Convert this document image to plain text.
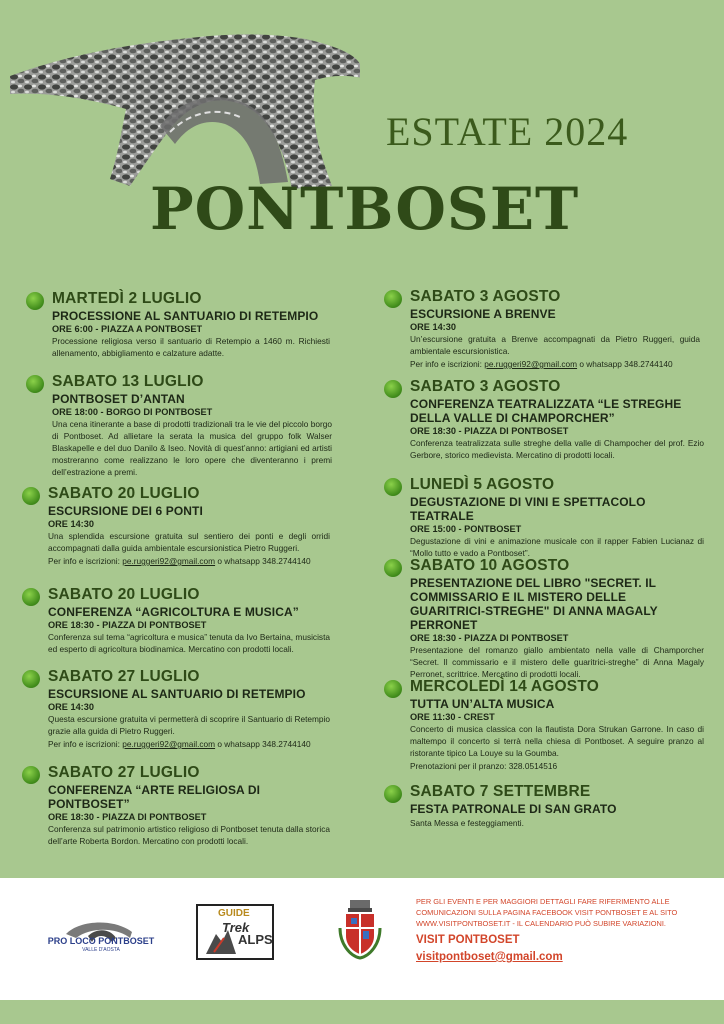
ESTATE 2024
PONTBOSET
MARTEDÌ 2 LUGLIO
PROCESSIONE AL SANTUARIO DI RETEMPIO
ORE 6:00 - PIAZZA A PONTBOSET
Processione religiosa verso il santuario di Retempio a 1460 m. Richiesti allenamento, abbigliamento e calzature adatte.
SABATO 13 LUGLIO
PONTBOSET D’ANTAN
ORE 18:00 - BORGO DI PONTBOSET
Una cena itinerante a base di prodotti tradizionali tra le vie del piccolo borgo di Pontboset. Ad allietare la serata la musica del gruppo folk Walser Blaskapelle e del duo Danilo & Iseo. Novità di quest’anno: artigiani ed artisti mostreranno come realizzano le loro opere che diventeranno i premi dell’estrazione a premi.
SABATO 20 LUGLIO
ESCURSIONE DEI 6 PONTI
ORE 14:30
Una splendida escursione gratuita sul sentiero dei ponti e degli orridi accompagnati dalla guida ambientale escursionistica Pietro Ruggeri.
Per info e iscrizioni: pe.ruggeri92@gmail.com o whatsapp 348.2744140
SABATO 20 LUGLIO
CONFERENZA “AGRICOLTURA E MUSICA”
ORE 18:30 - PIAZZA DI PONTBOSET
Conferenza sul tema “agricoltura e musica” tenuta da Ivo Bertaina, musicista ed esperto di agricoltura biodinamica. Mercatino con prodotti locali.
SABATO 27 LUGLIO
ESCURSIONE AL SANTUARIO DI RETEMPIO
ORE 14:30
Questa escursione gratuita vi permetterà di scoprire il Santuario di Retempio grazie alla guida di Pietro Ruggeri.
Per info e iscrizioni: pe.ruggeri92@gmail.com o whatsapp 348.2744140
SABATO 27 LUGLIO
CONFERENZA “ARTE RELIGIOSA DI PONTBOSET”
ORE 18:30 - PIAZZA DI PONTBOSET
Conferenza sul patrimonio artistico religioso di Pontboset tenuta dalla storica dell’arte Roberta Bordon. Mercatino con prodotti locali.
SABATO 3 AGOSTO
ESCURSIONE A BRENVE
ORE 14:30
Un’escursione gratuita a Brenve accompagnati da Pietro Ruggeri, guida ambientale escursionistica.
Per info e iscrizioni: pe.ruggeri92@gmail.com o whatsapp 348.2744140
SABATO 3 AGOSTO
CONFERENZA TEATRALIZZATA “LE STREGHE DELLA VALLE DI CHAMPORCHER”
ORE 18:30 - PIAZZA DI PONTBOSET
Conferenza teatralizzata sulle streghe della valle di Champocher del prof. Ezio Gerbore, storico medievista. Mercatino di prodotti locali.
LUNEDÌ 5 AGOSTO
DEGUSTAZIONE DI VINI E SPETTACOLO TEATRALE
ORE 15:00 - PONTBOSET
Degustazione di vini e animazione musicale con il rapper Fabien Lucianaz di “Mollo tutto e vado a Pontboset”.
SABATO 10 AGOSTO
PRESENTAZIONE DEL LIBRO "SECRET. IL COMMISSARIO E IL MISTERO DELLE GUARITRICI-STREGHE" DI ANNA MAGALY PERRONET
ORE 18:30 - PIAZZA DI PONTBOSET
Presentazione del romanzo giallo ambientato nella valle di Champorcher “Secret. Il commissario e il mistero delle guaritrici-streghe” di Anna Magaly Perronet, scrittrice. Mercatino di prodotti locali.
MERCOLEDÌ 14 AGOSTO
TUTTA UN’ALTA MUSICA
ORE 11:30 - CREST
Concerto di musica classica con la flautista Dora Strukan Garrone. In caso di maltempo il concerto si terrà nella chiesa di Pontboset. A seguire pranzo al ristorante tipico La Louye su la Goumba.
Prenotazioni per il pranzo: 328.0514516
SABATO 7 SETTEMBRE
FESTA PATRONALE DI SAN GRATO
Santa Messa e festeggiamenti.
PRO LOCO PONTBOSET
VALLE D'AOSTA
GUIDE
Trek
ALPS
PER GLI EVENTI E PER MAGGIORI DETTAGLI FARE RIFERIMENTO ALLE COMUNICAZIONI SULLA PAGINA FACEBOOK VISIT PONTBOSET E AL SITO WWW.VISITPONTBOSET.IT - IL CALENDARIO PUÒ SUBIRE VARIAZIONI.
VISIT PONTBOSET
visitpontboset@gmail.com
